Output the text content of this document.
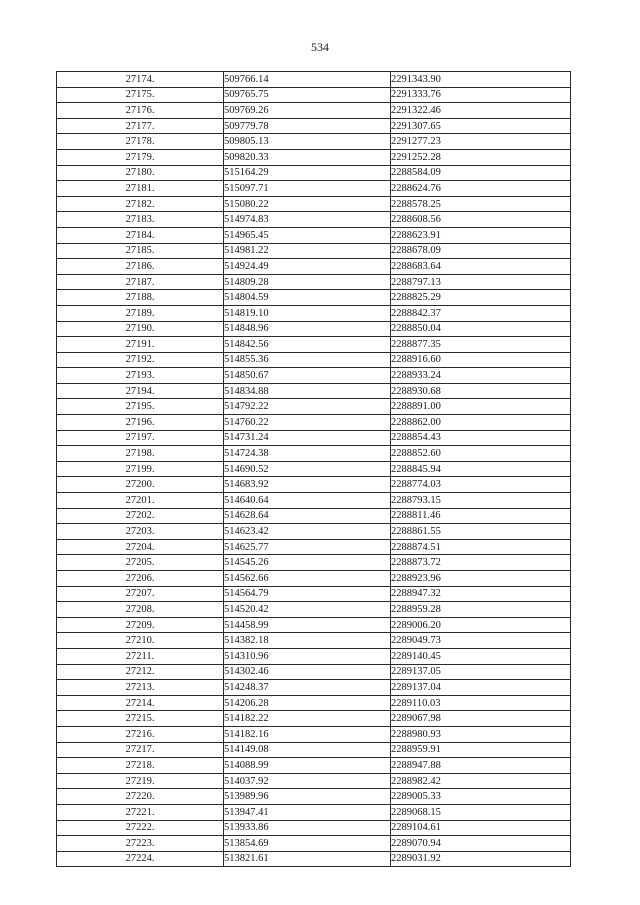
534
27174.	509766.14	2291343.90
27175.	509765.75	2291333.76
27176.	509769.26	2291322.46
27177.	509779.78	2291307.65
27178.	509805.13	2291277.23
27179.	509820.33	2291252.28
27180.	515164.29	2288584.09
27181.	515097.71	2288624.76
27182.	515080.22	2288578.25
27183.	514974.83	2288608.56
27184.	514965.45	2288623.91
27185.	514981.22	2288678.09
27186.	514924.49	2288683.64
27187.	514809.28	2288797.13
27188.	514804.59	2288825.29
27189.	514819.10	2288842.37
27190.	514848.96	2288850.04
27191.	514842.56	2288877.35
27192.	514855.36	2288916.60
27193.	514850.67	2288933.24
27194.	514834.88	2288930.68
27195.	514792.22	2288891.00
27196.	514760.22	2288862.00
27197.	514731.24	2288854.43
27198.	514724.38	2288852.60
27199.	514690.52	2288845.94
27200.	514683.92	2288774.03
27201.	514640.64	2288793.15
27202.	514628.64	2288811.46
27203.	514623.42	2288861.55
27204.	514625.77	2288874.51
27205.	514545.26	2288873.72
27206.	514562.66	2288923.96
27207.	514564.79	2288947.32
27208.	514520.42	2288959.28
27209.	514458.99	2289006.20
27210.	514382.18	2289049.73
27211.	514310.96	2289140.45
27212.	514302.46	2289137.05
27213.	514248.37	2289137.04
27214.	514206.28	2289110.03
27215.	514182.22	2289067.98
27216.	514182.16	2288980.93
27217.	514149.08	2288959.91
27218.	514088.99	2288947.88
27219.	514037.92	2288982.42
27220.	513989.96	2289005.33
27221.	513947.41	2289068.15
27222.	513933.86	2289104.61
27223.	513854.69	2289070.94
27224.	513821.61	2289031.92
